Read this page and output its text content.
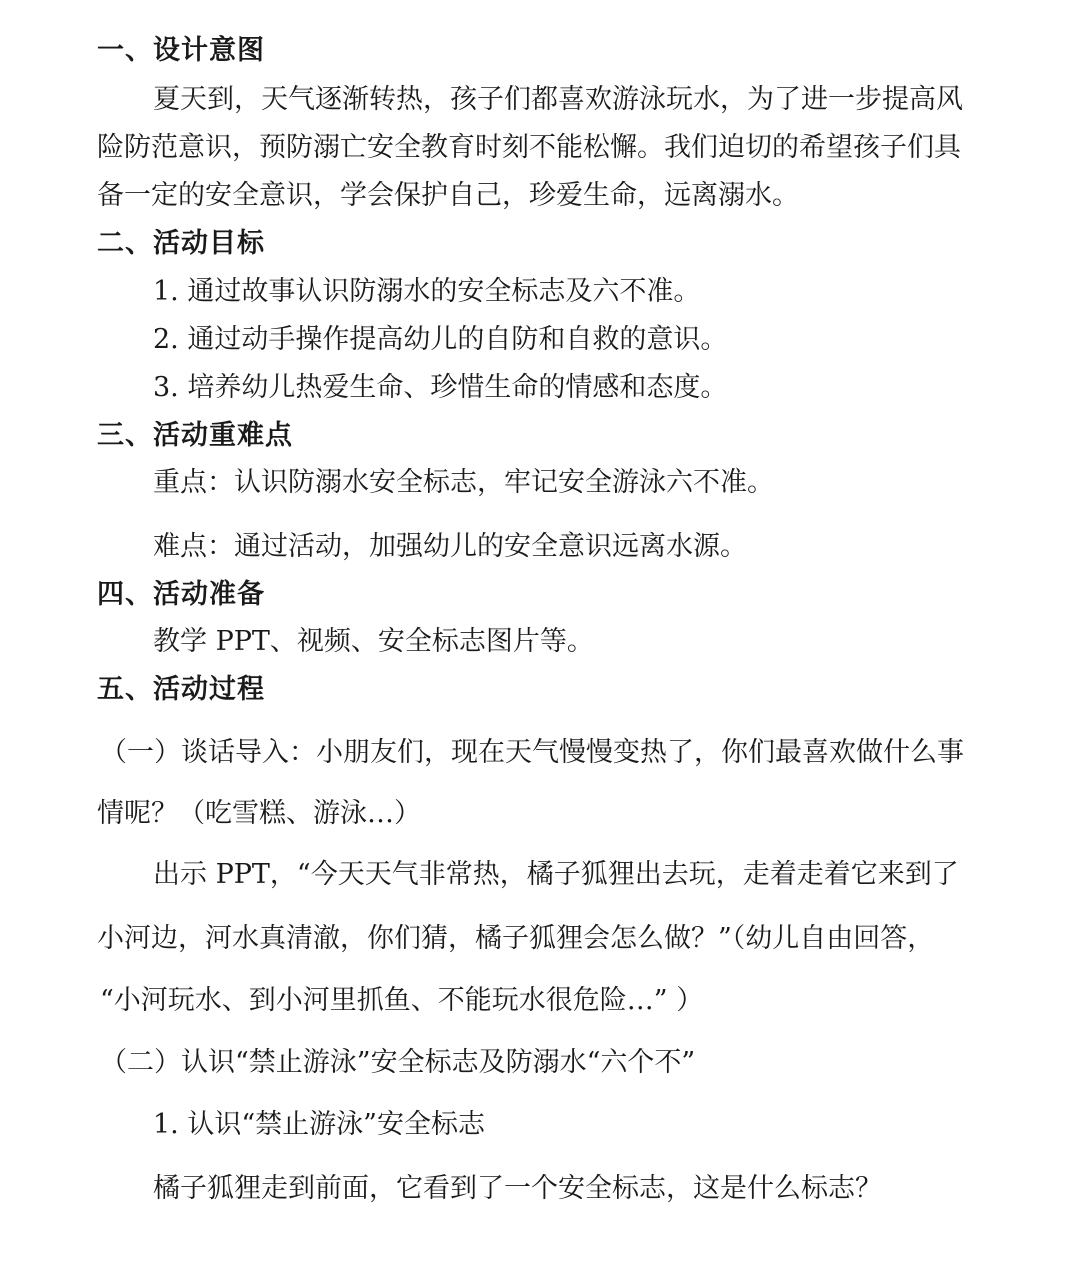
一、设计意图
夏天到，天气逐渐转热，孩子们都喜欢游泳玩水，为了进一步提高风
险防范意识，预防溺亡安全教育时刻不能松懈。我们迫切的希望孩子们具
备一定的安全意识，学会保护自己，珍爱生命，远离溺水。
二、活动目标
1. 通过故事认识防溺水的安全标志及六不准。
2. 通过动手操作提高幼儿的自防和自救的意识。
3. 培养幼儿热爱生命、珍惜生命的情感和态度。
三、活动重难点
重点：认识防溺水安全标志，牢记安全游泳六不准。
难点：通过活动，加强幼儿的安全意识远离水源。
四、活动准备
教学 PPT、视频、安全标志图片等。
五、活动过程
（一）谈话导入：小朋友们，现在天气慢慢变热了，你们最喜欢做什么事
情呢？（吃雪糕、游泳…）
出示 PPT，“今天天气非常热，橘子狐狸出去玩，走着走着它来到了
小河边，河水真清澈，你们猜，橘子狐狸会怎么做？”（幼儿自由回答，
“小河玩水、到小河里抓鱼、不能玩水很危险…” ）
（二）认识“禁止游泳”安全标志及防溺水“六个不”
1. 认识“禁止游泳”安全标志
橘子狐狸走到前面，它看到了一个安全标志，这是什么标志？
